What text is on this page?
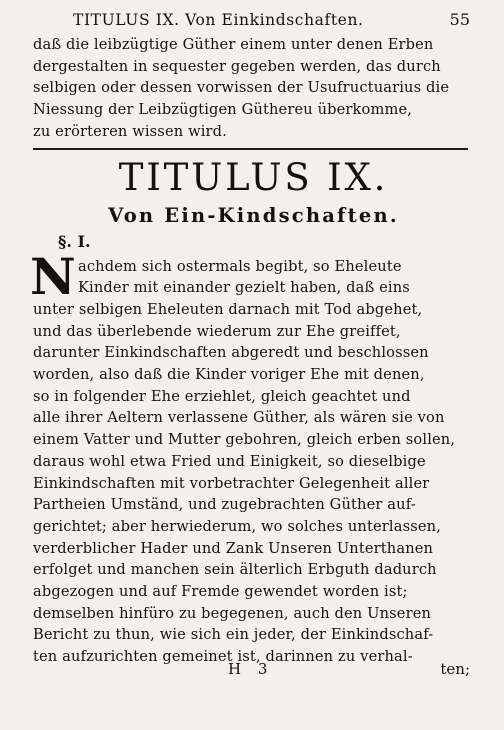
TITULUS IX. Von Einkindschaften.	55
daß die leibzügtige Güther einem unter denen Erben
dergestalten in sequester gegeben werden, das durch
selbigen oder dessen vorwissen der Usufructuarius die
Niessung der Leibzügtigen Güthereu überkomme,
zu erörteren wissen wird.
TITULUS IX.
Von Ein-Kindschaften.
§. I.
N achdem sich ostermals begibt, so Eheleute
Kinder mit einander gezielt haben, daß eins
unter selbigen Eheleuten darnach mit Tod abgehet,
und das überlebende wiederum zur Ehe greiffet,
darunter Einkindschaften abgeredt und beschlossen
worden, also daß die Kinder voriger Ehe mit denen,
so in folgender Ehe erziehlet, gleich geachtet und
alle ihrer Aeltern verlassene Güther, als wären sie von
einem Vatter und Mutter gebohren, gleich erben sollen,
daraus wohl etwa Fried und Einigkeit, so dieselbige
Einkindschaften mit vorbetrachter Gelegenheit aller
Partheien Umständ, und zugebrachten Güther auf-
gerichtet; aber herwiederum, wo solches unterlassen,
verderblicher Hader und Zank Unseren Unterthanen
erfolget und manchen sein älterlich Erbguth dadurch
abgezogen und auf Fremde gewendet worden ist;
demselben hinfüro zu begegenen, auch den Unseren
Bericht zu thun, wie sich ein jeder, der Einkindschaf-
ten aufzurichten gemeinet ist, darinnen zu verhal-
H 3	ten;
